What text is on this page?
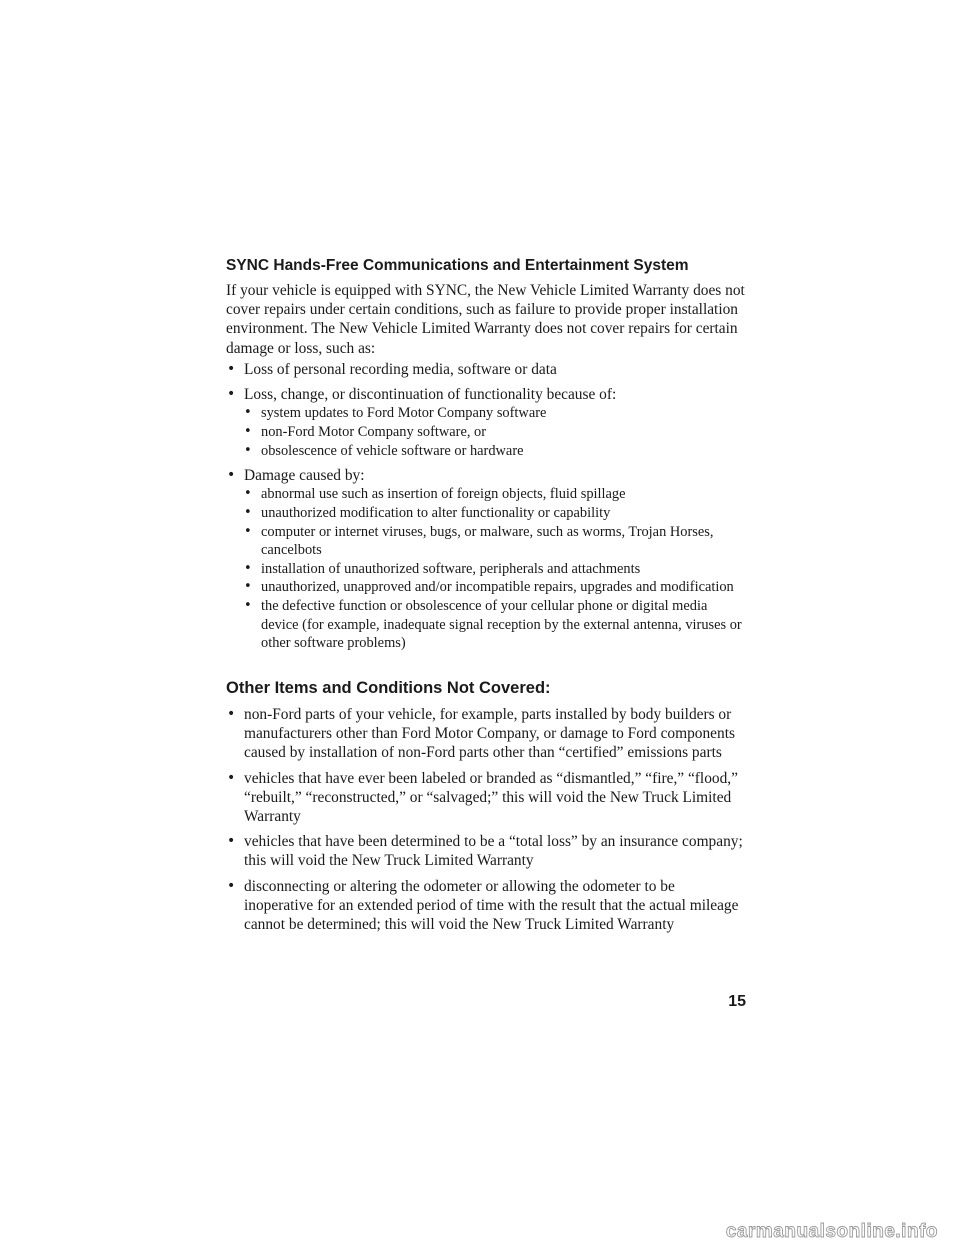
SYNC Hands-Free Communications and Entertainment System
If your vehicle is equipped with SYNC, the New Vehicle Limited Warranty does not cover repairs under certain conditions, such as failure to provide proper installation environment. The New Vehicle Limited Warranty does not cover repairs for certain damage or loss, such as:
• Loss of personal recording media, software or data
• Loss, change, or discontinuation of functionality because of:
• system updates to Ford Motor Company software
• non-Ford Motor Company software, or
• obsolescence of vehicle software or hardware
• Damage caused by:
• abnormal use such as insertion of foreign objects, fluid spillage
• unauthorized modification to alter functionality or capability
• computer or internet viruses, bugs, or malware, such as worms, Trojan Horses, cancelbots
• installation of unauthorized software, peripherals and attachments
• unauthorized, unapproved and/or incompatible repairs, upgrades and modification
• the defective function or obsolescence of your cellular phone or digital media device (for example, inadequate signal reception by the external antenna, viruses or other software problems)
Other Items and Conditions Not Covered:
• non-Ford parts of your vehicle, for example, parts installed by body builders or manufacturers other than Ford Motor Company, or damage to Ford components caused by installation of non-Ford parts other than “certified” emissions parts
• vehicles that have ever been labeled or branded as “dismantled,” “fire,” “flood,” “rebuilt,” “reconstructed,” or “salvaged;” this will void the New Truck Limited Warranty
• vehicles that have been determined to be a “total loss” by an insurance company; this will void the New Truck Limited Warranty
• disconnecting or altering the odometer or allowing the odometer to be inoperative for an extended period of time with the result that the actual mileage cannot be determined; this will void the New Truck Limited Warranty
15
carmanualsonline.info
